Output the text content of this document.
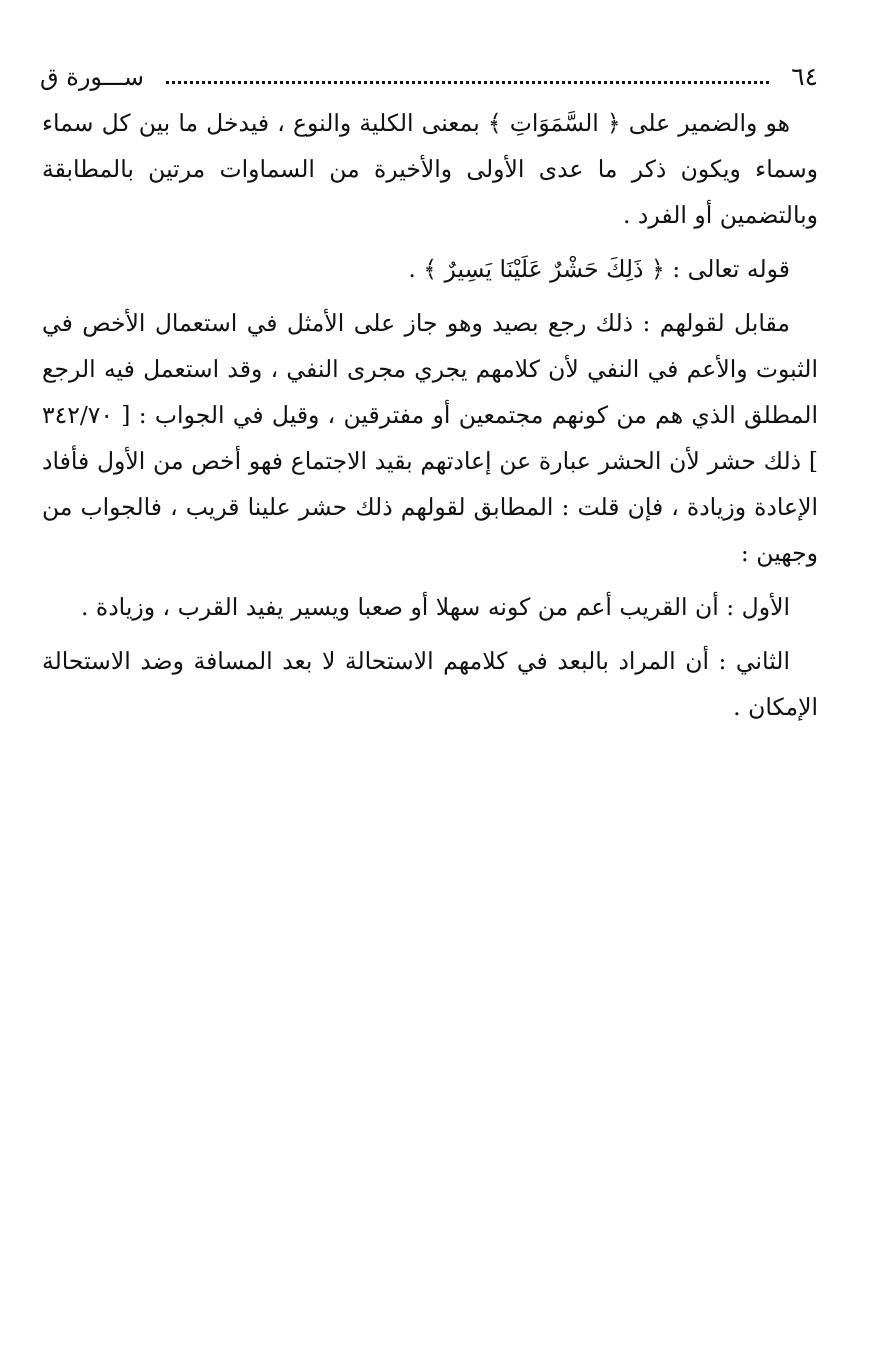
٦٤
ســـورة ق

هو والضمير على ﴿ السَّمَوَاتِ ﴾ بمعنى الكلية والنوع ، فيدخل ما بين كل سماء وسماء ويكون ذكر ما عدى الأولى والأخيرة من السماوات مرتين بالمطابقة وبالتضمين أو الفرد .

قوله تعالى : ﴿ ذَلِكَ حَشْرٌ عَلَيْنَا يَسِيرٌ ﴾ .

مقابل لقولهم : ذلك رجع بصيد وهو جاز على الأمثل في استعمال الأخص في الثبوت والأعم في النفي لأن كلامهم يجري مجرى النفي ، وقد استعمل فيه الرجع المطلق الذي هم من كونهم مجتمعين أو مفترقين ، وقيل في الجواب : [ ٣٤٢/٧٠ ] ذلك حشر لأن الحشر عبارة عن إعادتهم بقيد الاجتماع فهو أخص من الأول فأفاد الإعادة وزيادة ، فإن قلت : المطابق لقولهم ذلك حشر علينا قريب ، فالجواب من وجهين :

الأول : أن القريب أعم من كونه سهلا أو صعبا ويسير يفيد القرب ، وزيادة .

الثاني : أن المراد بالبعد في كلامهم الاستحالة لا بعد المسافة وضد الاستحالة الإمكان .
